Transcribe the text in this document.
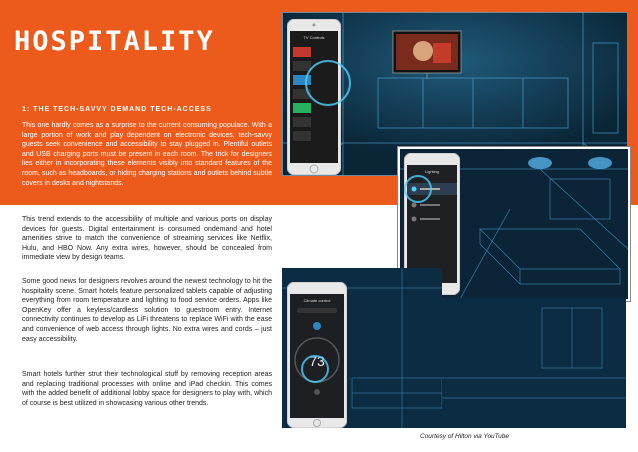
HOSPITALITY
1: THE TECH-SAVVY DEMAND TECH-ACCESS

This one hardly comes as a surprise to the current consuming populace. With a large portion of work and play dependent on electronic devices, tech-savvy guests seek convenience and accessibility to stay plugged in. Plentiful outlets and USB charging ports must be present in each room. The trick for designers lies either in incorporating these elements visibly into standard features of the room, such as headboards, or hiding charging stations and outlets behind subtle covers in desks and nightstands.

This trend extends to the accessibility of multiple and various ports on display devices for guests. Digital entertainment is consumed ondemand and hotel amenities strive to match the convenience of streaming services like Netflix, Hulu, and HBO Now. Any extra wires, however, should be concealed from immediate view by design teams.

Some good news for designers revolves around the newest technology to hit the hospitality scene. Smart hotels feature personalized tablets capable of adjusting everything from room temperature and lighting to food service orders. Apps like OpenKey offer a keyless/cardless solution to guestroom entry. Internet connectivity continues to develop as LiFi threatens to replace WiFi with the ease and convenience of web access through lights. No extra wires and cords – just easy accessibility.

Smart hotels further strut their technological stuff by removing reception areas and replacing traditional processes with online and iPad checkin. This comes with the added benefit of additional lobby space for designers to play with, which of course is best utilized in showcasing various other trends.

TV Controls
Lighting
Climate control
73
Courtesy of Hilton via YouTube
